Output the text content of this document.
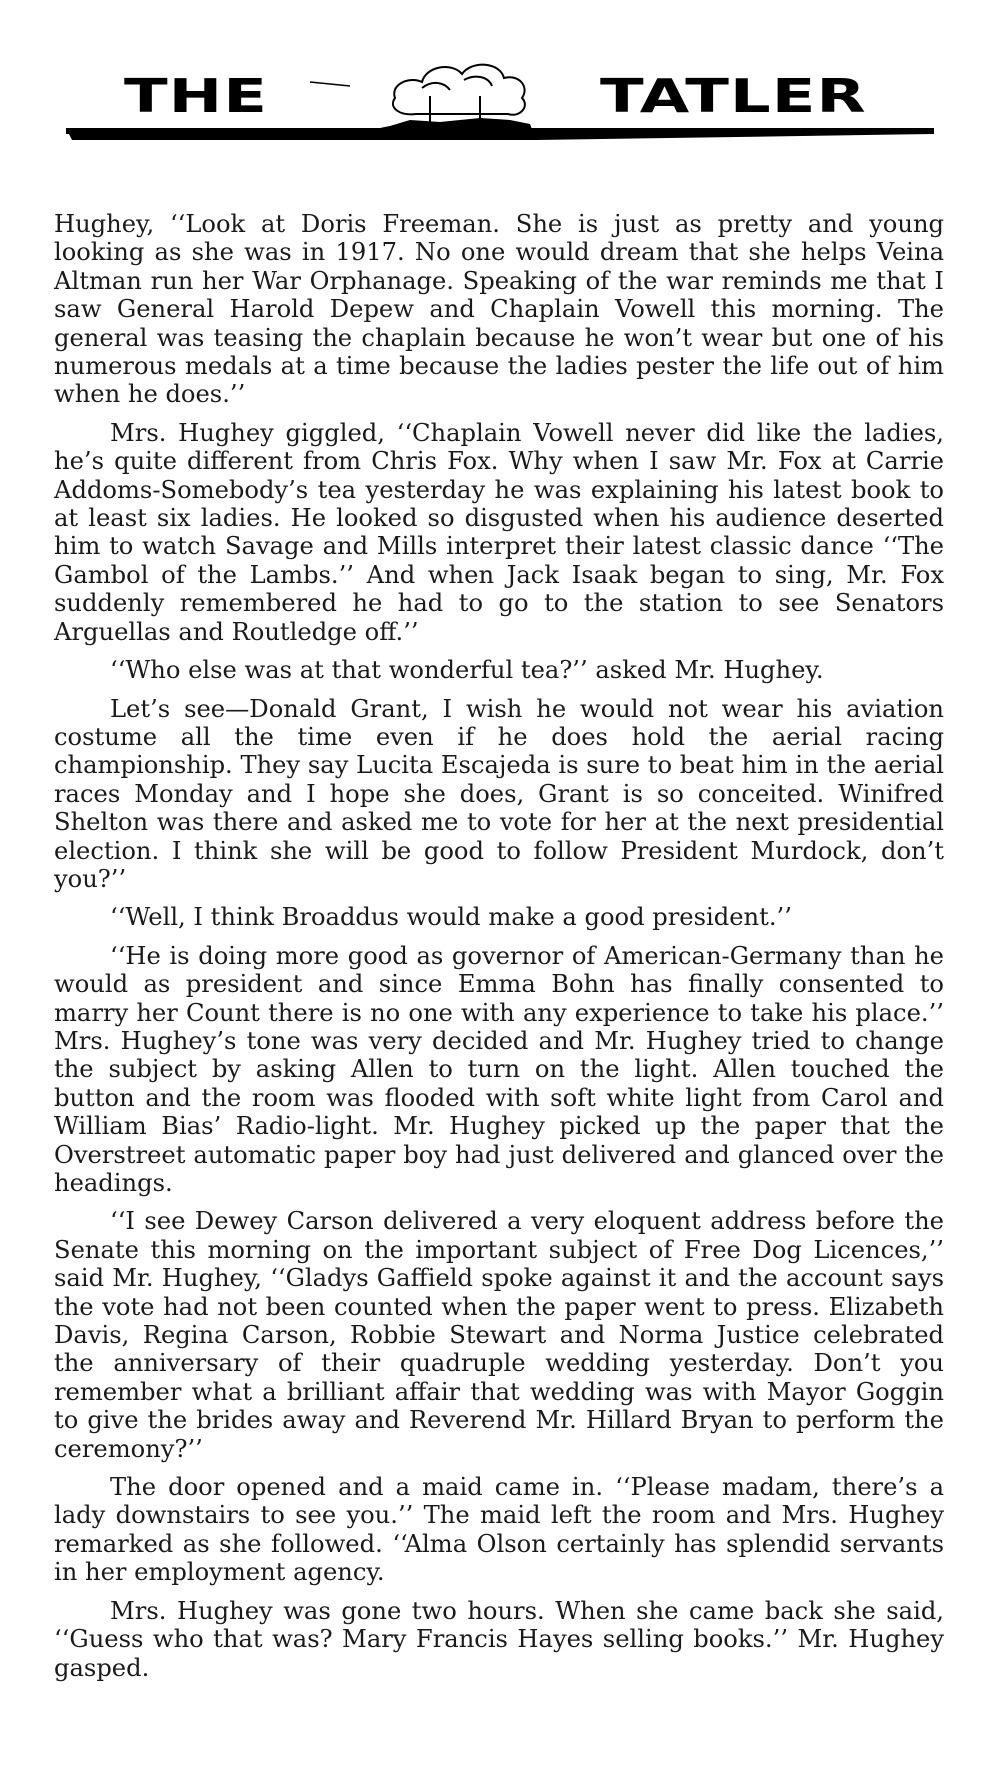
THE	TATLER

Hughey, ‘‘Look at Doris Freeman. She is just as pretty and young looking as she was in 1917. No one would dream that she helps Veina Altman run her War Orphanage. Speaking of the war reminds me that I saw General Harold Depew and Chaplain Vowell this morning. The general was teasing the chaplain because he won’t wear but one of his numerous medals at a time because the ladies pester the life out of him when he does.’’

Mrs. Hughey giggled, ‘‘Chaplain Vowell never did like the ladies, he’s quite different from Chris Fox. Why when I saw Mr. Fox at Carrie Addoms-Somebody’s tea yesterday he was explaining his latest book to at least six ladies. He looked so disgusted when his audience deserted him to watch Savage and Mills interpret their latest classic dance ‘‘The Gambol of the Lambs.’’ And when Jack Isaak began to sing, Mr. Fox suddenly remembered he had to go to the station to see Senators Arguellas and Routledge off.’’

‘‘Who else was at that wonderful tea?’’ asked Mr. Hughey.

Let’s see—Donald Grant, I wish he would not wear his aviation costume all the time even if he does hold the aerial racing championship. They say Lucita Escajeda is sure to beat him in the aerial races Monday and I hope she does, Grant is so conceited. Winifred Shelton was there and asked me to vote for her at the next presidential election. I think she will be good to follow President Murdock, don’t you?’’

‘‘Well, I think Broaddus would make a good president.’’

‘‘He is doing more good as governor of American-Germany than he would as president and since Emma Bohn has finally consented to marry her Count there is no one with any experience to take his place.’’ Mrs. Hughey’s tone was very decided and Mr. Hughey tried to change the subject by asking Allen to turn on the light. Allen touched the button and the room was flooded with soft white light from Carol and William Bias’ Radio-light. Mr. Hughey picked up the paper that the Overstreet automatic paper boy had just delivered and glanced over the headings.

‘‘I see Dewey Carson delivered a very eloquent address before the Senate this morning on the important subject of Free Dog Licences,’’ said Mr. Hughey, ‘‘Gladys Gaffield spoke against it and the account says the vote had not been counted when the paper went to press. Elizabeth Davis, Regina Carson, Robbie Stewart and Norma Justice celebrated the anniversary of their quadruple wedding yesterday. Don’t you remember what a brilliant affair that wedding was with Mayor Goggin to give the brides away and Reverend Mr. Hillard Bryan to perform the ceremony?’’

The door opened and a maid came in. ‘‘Please madam, there’s a lady downstairs to see you.’’ The maid left the room and Mrs. Hughey remarked as she followed. ‘‘Alma Olson certainly has splendid servants in her employment agency.

Mrs. Hughey was gone two hours. When she came back she said, ‘‘Guess who that was? Mary Francis Hayes selling books.’’ Mr. Hughey gasped.
